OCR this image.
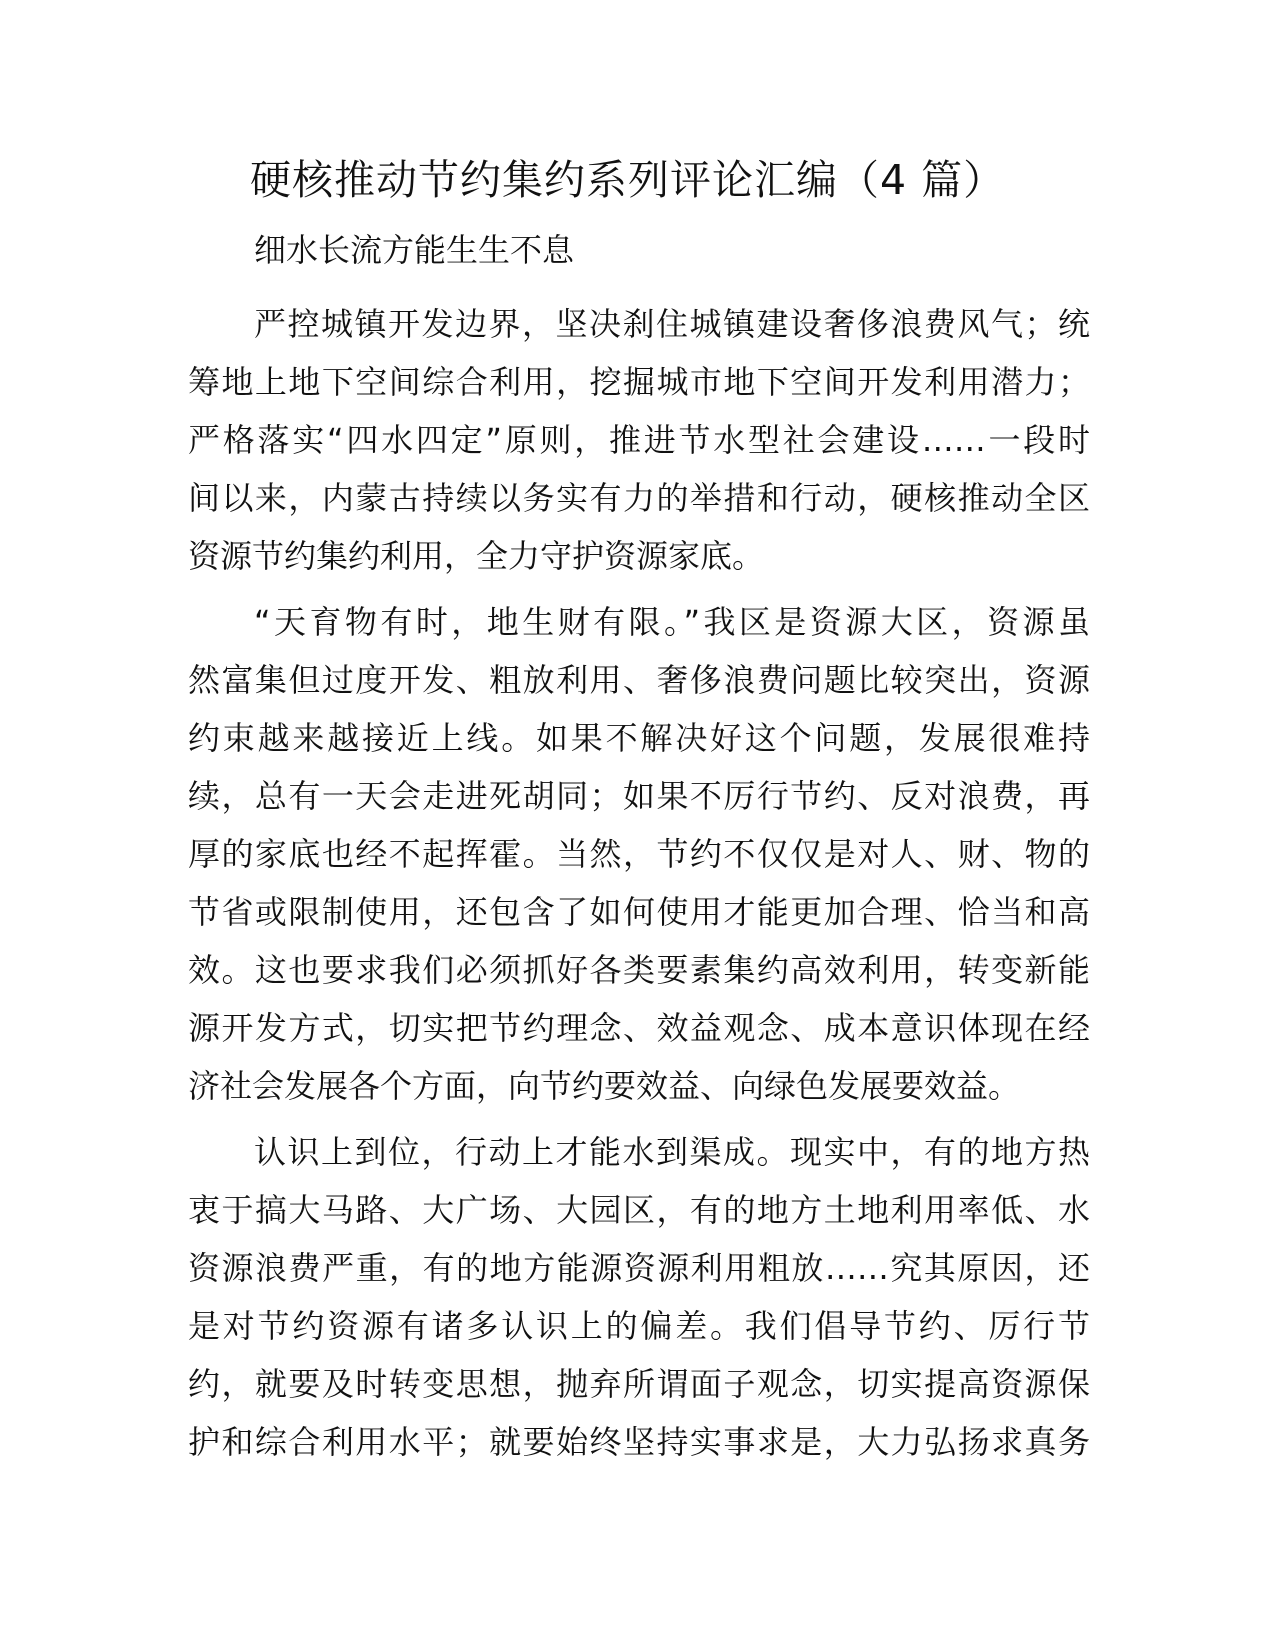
硬核推动节约集约系列评论汇编（4 篇）

细水长流方能生生不息

严控城镇开发边界，坚决刹住城镇建设奢侈浪费风气；统
筹地上地下空间综合利用，挖掘城市地下空间开发利用潜力；
严格落实“四水四定”原则，推进节水型社会建设……一段时
间以来，内蒙古持续以务实有力的举措和行动，硬核推动全区
资源节约集约利用，全力守护资源家底。
“天育物有时，地生财有限。”我区是资源大区，资源虽
然富集但过度开发、粗放利用、奢侈浪费问题比较突出，资源
约束越来越接近上线。如果不解决好这个问题，发展很难持
续，总有一天会走进死胡同；如果不厉行节约、反对浪费，再
厚的家底也经不起挥霍。当然，节约不仅仅是对人、财、物的
节省或限制使用，还包含了如何使用才能更加合理、恰当和高
效。这也要求我们必须抓好各类要素集约高效利用，转变新能
源开发方式，切实把节约理念、效益观念、成本意识体现在经
济社会发展各个方面，向节约要效益、向绿色发展要效益。
认识上到位，行动上才能水到渠成。现实中，有的地方热
衷于搞大马路、大广场、大园区，有的地方土地利用率低、水
资源浪费严重，有的地方能源资源利用粗放……究其原因，还
是对节约资源有诸多认识上的偏差。我们倡导节约、厉行节
约，就要及时转变思想，抛弃所谓面子观念，切实提高资源保
护和综合利用水平；就要始终坚持实事求是，大力弘扬求真务
